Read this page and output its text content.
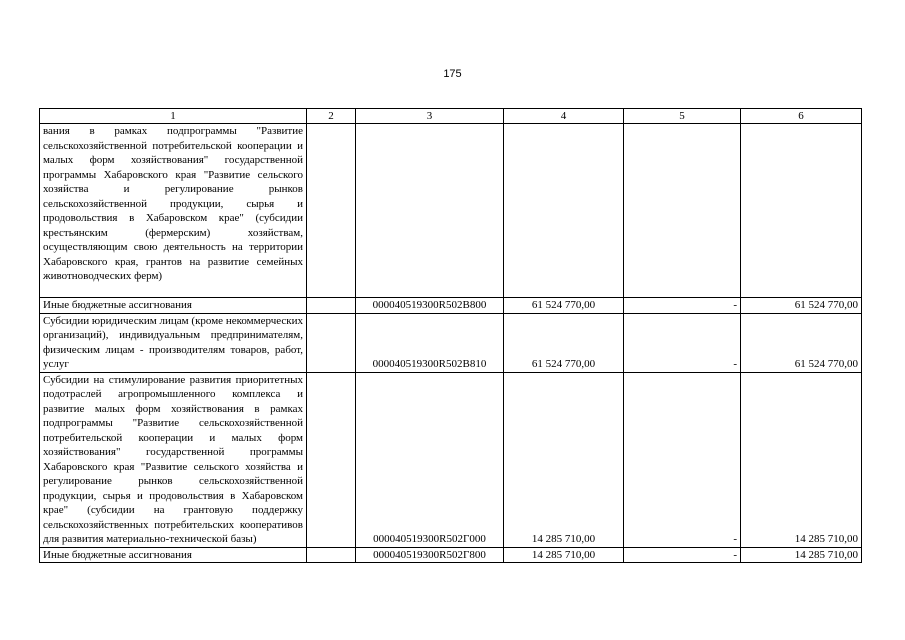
175
1	2	3	4	5	6
вания в рамках подпрограммы "Развитие сельскохозяйственной потребительской кооперации и малых форм хозяйствования" государственной программы Хабаровского края "Развитие сельского хозяйства и регулирование рынков сельскохозяйственной продукции, сырья и продовольствия в Хабаровском крае" (субсидии крестьянским (фермерским) хозяйствам, осуществляющим свою деятельность на территории Хабаровского края, грантов на развитие семейных животноводческих ферм)					
Иные бюджетные ассигнования		000040519300R502В800	61 524 770,00	-	61 524 770,00
Субсидии юридическим лицам (кроме некоммерческих организаций), индивидуальным предпринимателям, физическим лицам - производителям товаров, работ, услуг		000040519300R502В810	61 524 770,00	-	61 524 770,00
Субсидии на стимулирование развития приоритетных подотраслей агропромышленного комплекса и развитие малых форм хозяйствования в рамках подпрограммы "Развитие сельскохозяйственной потребительской кооперации и малых форм хозяйствования" государственной программы Хабаровского края "Развитие сельского хозяйства и регулирование рынков сельскохозяйственной продукции, сырья и продовольствия в Хабаровском крае" (субсидии на грантовую поддержку сельскохозяйственных потребительских кооперативов для развития материально-технической базы)		000040519300R502Г000	14 285 710,00	-	14 285 710,00
Иные бюджетные ассигнования		000040519300R502Г800	14 285 710,00	-	14 285 710,00
